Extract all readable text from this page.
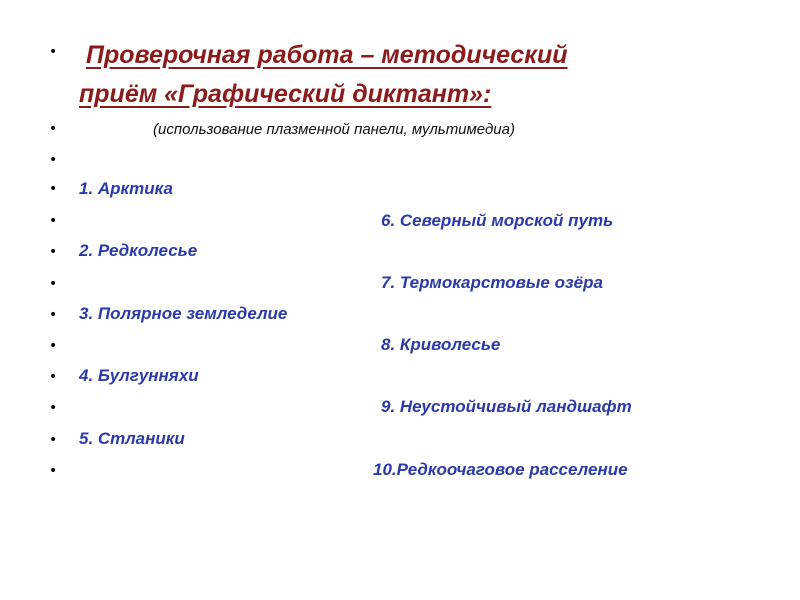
• Проверочная работа – методический
приём «Графический диктант»:
•	(использование плазменной панели, мультимедиа)
•
• 1. Арктика
•	6. Северный морской путь
• 2. Редколесье
•	7. Термокарстовые озёра
• 3. Полярное земледелие
•	8. Криволесье
• 4. Булгунняхи
•	9. Неустойчивый ландшафт
• 5. Стланики
•	10.Редкоочаговое расселение
